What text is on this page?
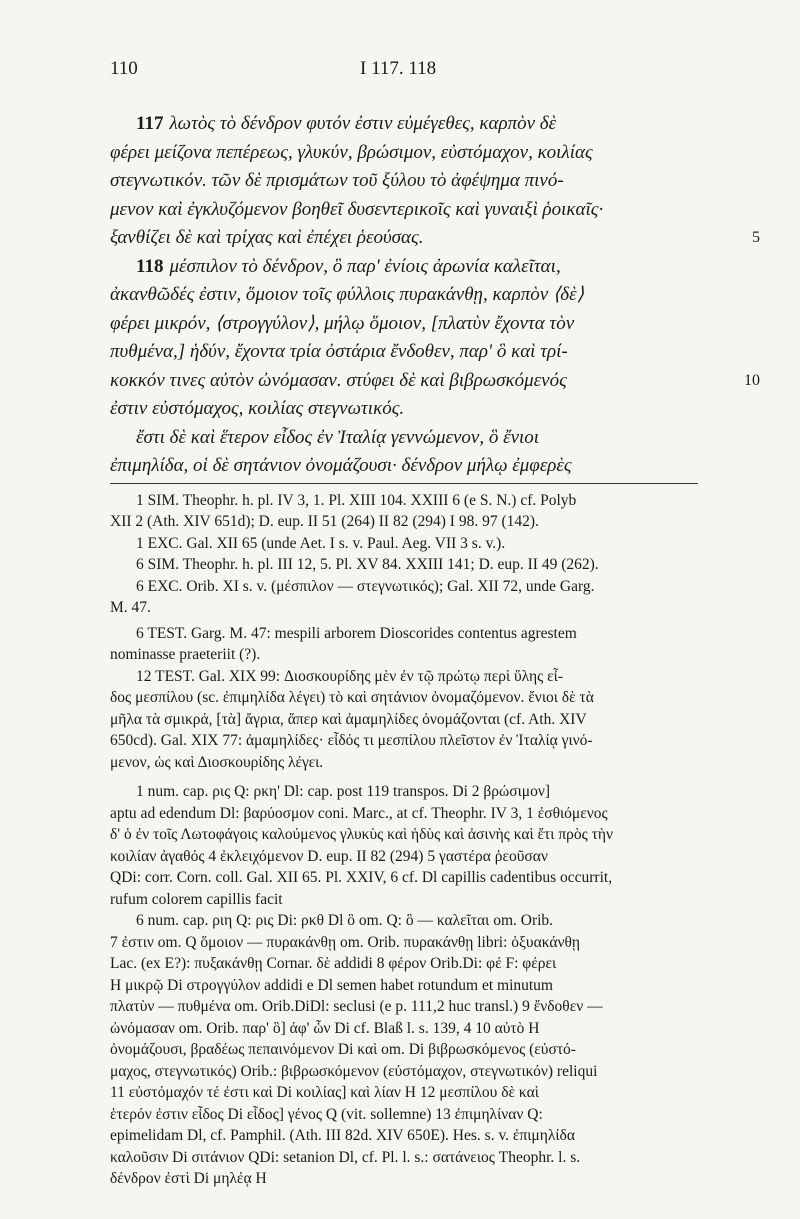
110	I 117. 118
117 λωτὸς τὸ δένδρον φυτόν ἐστιν εὐμέγεθες, καρπὸν δὲ
φέρει μείζονα πεπέρεως, γλυκύν, βρώσιμον, εὐστόμαχον, κοιλίας
στεγνωτικόν. τῶν δὲ πρισμάτων τοῦ ξύλου τὸ ἀφέψημα πινό-
μενον καὶ ἐγκλυζόμενον βοηθεῖ δυσεντερικοῖς καὶ γυναιξὶ ῥοικαῖς·
ξανθίζει δὲ καὶ τρίχας καὶ ἐπέχει ῥεούσας.	5
118 μέσπιλον τὸ δένδρον, ὃ παρ' ἐνίοις ἀρωνία καλεῖται,
ἀκανθῶδές ἐστιν, ὅμοιον τοῖς φύλλοις πυρακάνθῃ, καρπὸν ⟨δὲ⟩
φέρει μικρόν, ⟨στρογγύλον⟩, μήλῳ ὅμοιον, [πλατὺν ἔχοντα τὸν
πυθμένα,] ἡδύν, ἔχοντα τρία ὀστάρια ἔνδοθεν, παρ' ὃ καὶ τρί-
κοκκόν τινες αὐτὸν ὠνόμασαν. στύφει δὲ καὶ βιβρωσκόμενός	10
ἐστιν εὐστόμαχος, κοιλίας στεγνωτικός.
ἔστι δὲ καὶ ἕτερον εἶδος ἐν Ἰταλίᾳ γεννώμενον, ὃ ἔνιοι
ἐπιμηλίδα, οἱ δὲ σητάνιον ὀνομάζουσι· δένδρον μήλῳ ἐμφερὲς
1 SIM. Theophr. h. pl. IV 3, 1. Pl. XIII 104. XXIII 6 (e S. N.) cf. Polyb
XII 2 (Ath. XIV 651d); D. eup. II 51 (264) II 82 (294) I 98. 97 (142).
1 EXC. Gal. XII 65 (unde Aet. I s. v. Paul. Aeg. VII 3 s. v.).
6 SIM. Theophr. h. pl. III 12, 5. Pl. XV 84. XXIII 141; D. eup. II 49 (262).
6 EXC. Orib. XI s. v. (μέσπιλον — στεγνωτικός); Gal. XII 72, unde Garg.
M. 47.
6 TEST. Garg. M. 47: mespili arborem Dioscorides contentus agrestem
nominasse praeteriit (?).
12 TEST. Gal. XIX 99: Διοσκουρίδης μὲν ἐν τῷ πρώτῳ περὶ ὕλης εἶ-
δος μεσπίλου (sc. ἐπιμηλίδα λέγει) τὸ καὶ σητάνιον ὀνομαζόμενον. ἔνιοι δὲ τὰ
μῆλα τὰ σμικρά, [τὰ] ἄγρια, ἅπερ καὶ ἀμαμηλίδες ὀνομάζονται (cf. Ath. XIV
650cd). Gal. XIX 77: ἀμαμηλίδες· εἶδός τι μεσπίλου πλεῖστον ἐν Ἰταλίᾳ γινό-
μενον, ὡς καὶ Διοσκουρίδης λέγει.
1 num. cap. ρις Q: ρκη' Dl: cap. post 119 transpos. Di 2 βρώσιμον]
aptu ad edendum Dl: βαρύοσμον coni. Marc., at cf. Theophr. IV 3, 1 ἐσθιόμενος
δ' ὁ ἐν τοῖς Λωτοφάγοις καλούμενος γλυκὺς καὶ ἡδὺς καὶ ἀσινὴς καὶ ἔτι πρὸς τὴν
κοιλίαν ἀγαθός 4 ἐκλειχόμενον D. eup. II 82 (294) 5 γαστέρα ῥεοῦσαν
QDi: corr. Corn. coll. Gal. XII 65. Pl. XXIV, 6 cf. Dl capillis cadentibus occurrit,
rufum colorem capillis facit
6 num. cap. ριη Q: ρις Di: ρκθ Dl ὃ om. Q: ὃ — καλεῖται om. Orib.
7 ἐστιν om. Q ὅμοιον — πυρακάνθῃ om. Orib. πυρακάνθῃ libri: ὀξυακάνθῃ
Lac. (ex E?): πυξακάνθῃ Cornar. δὲ addidi 8 φέρον Orib.Di: φέ F: φέρει
H μικρῷ Di στρογγύλον addidi e Dl semen habet rotundum et minutum
πλατὺν — πυθμένα om. Orib.DiDl: seclusi (e p. 111,2 huc transl.) 9 ἔνδοθεν —
ὠνόμασαν om. Orib. παρ' ὃ] ἀφ' ὧν Di cf. Blaß l. s. 139, 4 10 αὐτὸ H
ὀνομάζουσι, βραδέως πεπαινόμενον Di καὶ om. Di βιβρωσκόμενος (εὐστό-
μαχος, στεγνωτικός) Orib.: βιβρωσκόμενον (εὐστόμαχον, στεγνωτικόν) reliqui
11 εὐστόμαχόν τέ ἐστι καὶ Di κοιλίας] καὶ λίαν H 12 μεσπίλου δὲ καὶ
ἑτερόν ἐστιν εἶδος Di εἶδος] γένος Q (vit. sollemne) 13 ἐπιμηλίναν Q:
epimelidam Dl, cf. Pamphil. (Ath. III 82d. XIV 650E). Hes. s. v. ἐπιμηλίδα
καλοῦσιν Di σιτάνιον QDi: setanion Dl, cf. Pl. l. s.: σατάνειος Theophr. l. s.
δένδρον ἐστὶ Di μηλέᾳ H
